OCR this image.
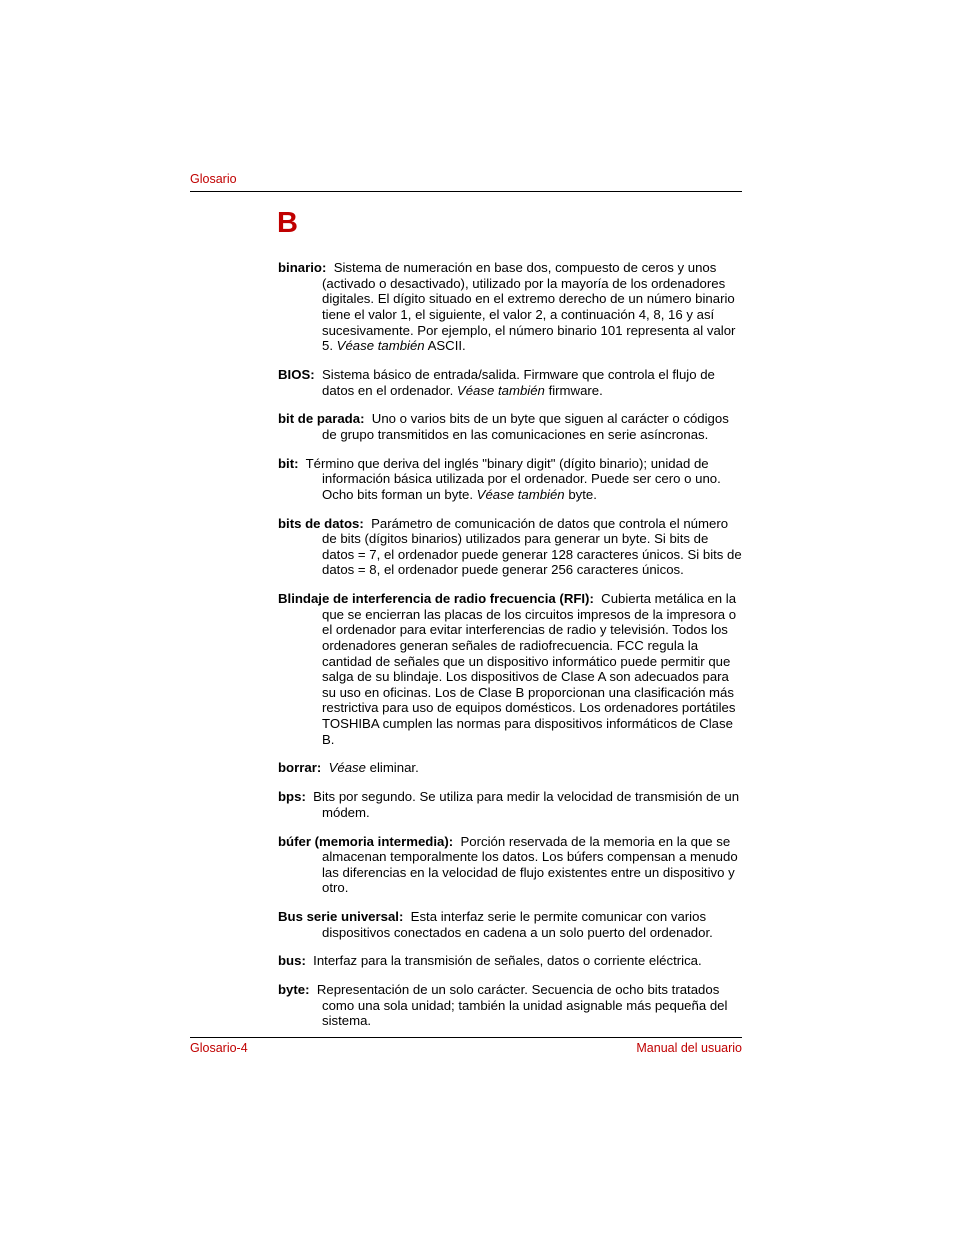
Glosario
B

binario: Sistema de numeración en base dos, compuesto de ceros y unos (activado o desactivado), utilizado por la mayoría de los ordenadores digitales. El dígito situado en el extremo derecho de un número binario tiene el valor 1, el siguiente, el valor 2, a continuación 4, 8, 16 y así sucesivamente. Por ejemplo, el número binario 101 representa al valor 5. Véase también ASCII.

BIOS: Sistema básico de entrada/salida. Firmware que controla el flujo de datos en el ordenador. Véase también firmware.

bit de parada: Uno o varios bits de un byte que siguen al carácter o códigos de grupo transmitidos en las comunicaciones en serie asíncronas.

bit: Término que deriva del inglés "binary digit" (dígito binario); unidad de información básica utilizada por el ordenador. Puede ser cero o uno. Ocho bits forman un byte. Véase también byte.

bits de datos: Parámetro de comunicación de datos que controla el número de bits (dígitos binarios) utilizados para generar un byte. Si bits de datos = 7, el ordenador puede generar 128 caracteres únicos. Si bits de datos = 8, el ordenador puede generar 256 caracteres únicos.

Blindaje de interferencia de radio frecuencia (RFI): Cubierta metálica en la que se encierran las placas de los circuitos impresos de la impresora o el ordenador para evitar interferencias de radio y televisión. Todos los ordenadores generan señales de radiofrecuencia. FCC regula la cantidad de señales que un dispositivo informático puede permitir que salga de su blindaje. Los dispositivos de Clase A son adecuados para su uso en oficinas. Los de Clase B proporcionan una clasificación más restrictiva para uso de equipos domésticos. Los ordenadores portátiles TOSHIBA cumplen las normas para dispositivos informáticos de Clase B.

borrar: Véase eliminar.

bps: Bits por segundo. Se utiliza para medir la velocidad de transmisión de un módem.

búfer (memoria intermedia): Porción reservada de la memoria en la que se almacenan temporalmente los datos. Los búfers compensan a menudo las diferencias en la velocidad de flujo existentes entre un dispositivo y otro.

Bus serie universal: Esta interfaz serie le permite comunicar con varios dispositivos conectados en cadena a un solo puerto del ordenador.

bus: Interfaz para la transmisión de señales, datos o corriente eléctrica.

byte: Representación de un solo carácter. Secuencia de ocho bits tratados como una sola unidad; también la unidad asignable más pequeña del sistema.

Glosario-4	Manual del usuario
